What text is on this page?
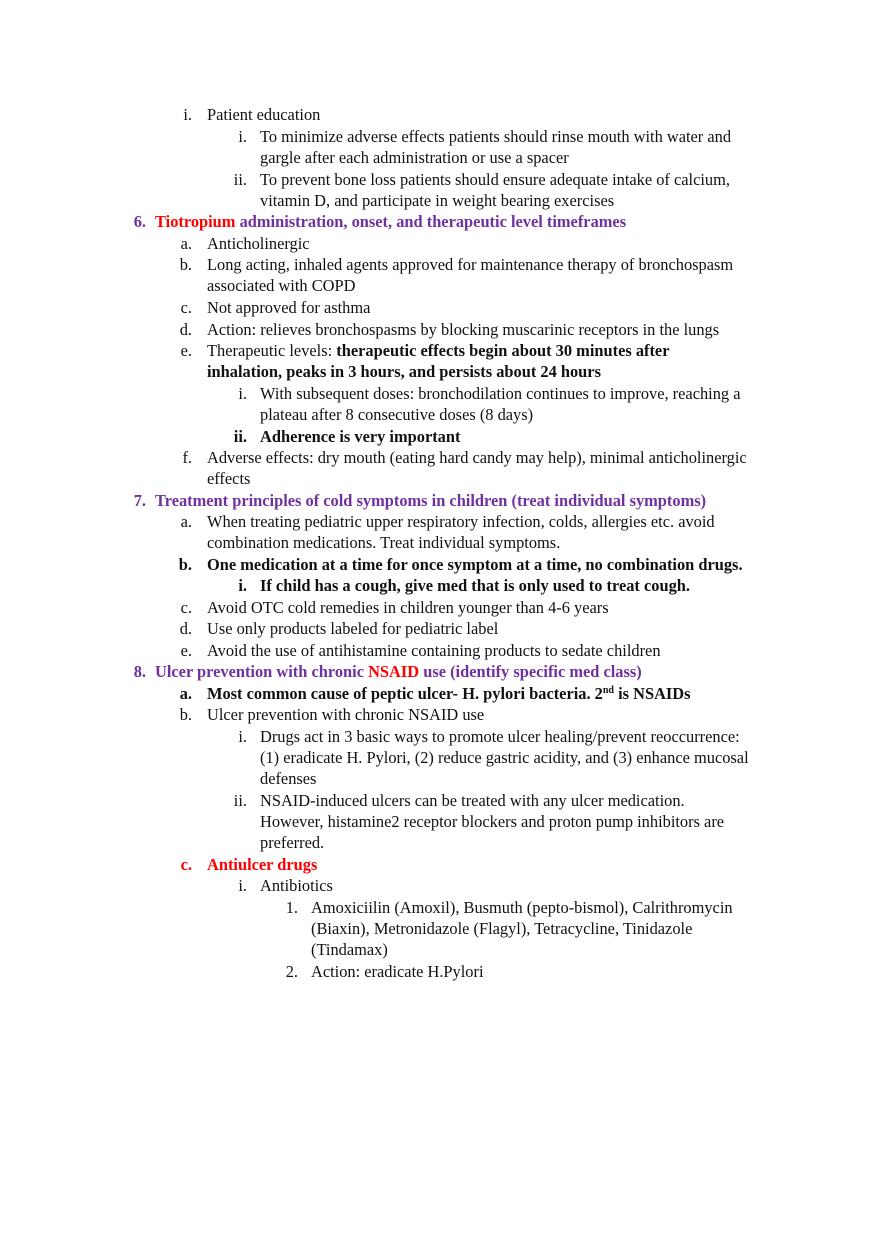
i. Patient education
i. To minimize adverse effects patients should rinse mouth with water and
gargle after each administration or use a spacer
ii. To prevent bone loss patients should ensure adequate intake of calcium,
vitamin D, and participate in weight bearing exercises
6. Tiotropium administration, onset, and therapeutic level timeframes
a. Anticholinergic
b. Long acting, inhaled agents approved for maintenance therapy of bronchospasm
associated with COPD
c. Not approved for asthma
d. Action: relieves bronchospasms by blocking muscarinic receptors in the lungs
e. Therapeutic levels: therapeutic effects begin about 30 minutes after
inhalation, peaks in 3 hours, and persists about 24 hours
i. With subsequent doses: bronchodilation continues to improve, reaching a
plateau after 8 consecutive doses (8 days)
ii. Adherence is very important
f. Adverse effects: dry mouth (eating hard candy may help), minimal anticholinergic
effects
7. Treatment principles of cold symptoms in children (treat individual symptoms)
a. When treating pediatric upper respiratory infection, colds, allergies etc. avoid
combination medications. Treat individual symptoms.
b. One medication at a time for once symptom at a time, no combination drugs.
i. If child has a cough, give med that is only used to treat cough.
c. Avoid OTC cold remedies in children younger than 4-6 years
d. Use only products labeled for pediatric label
e. Avoid the use of antihistamine containing products to sedate children
8. Ulcer prevention with chronic NSAID use (identify specific med class)
a. Most common cause of peptic ulcer- H. pylori bacteria. 2nd is NSAIDs
b. Ulcer prevention with chronic NSAID use
i. Drugs act in 3 basic ways to promote ulcer healing/prevent reoccurrence:
(1) eradicate H. Pylori, (2) reduce gastric acidity, and (3) enhance mucosal
defenses
ii. NSAID-induced ulcers can be treated with any ulcer medication.
However, histamine2 receptor blockers and proton pump inhibitors are
preferred.
c. Antiulcer drugs
i. Antibiotics
1. Amoxiciilin (Amoxil), Busmuth (pepto-bismol), Calrithromycin
(Biaxin), Metronidazole (Flagyl), Tetracycline, Tinidazole
(Tindamax)
2. Action: eradicate H.Pylori
